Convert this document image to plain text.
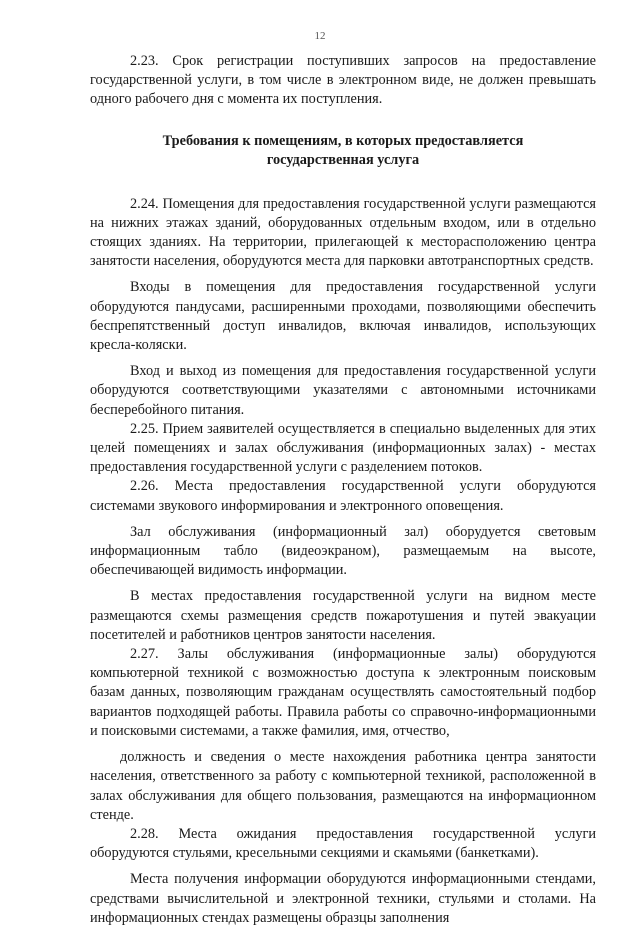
12

2.23. Срок регистрации поступивших запросов на предоставление государственной услуги, в том числе в электронном виде, не должен превышать одного рабочего дня с момента их поступления.

Требования к помещениям, в которых предоставляется
государственная услуга

2.24. Помещения для предоставления государственной услуги размещаются на нижних этажах зданий, оборудованных отдельным входом, или в отдельно стоящих зданиях. На территории, прилегающей к месторасположению центра занятости населения, оборудуются места для парковки автотранспортных средств.

Входы в помещения для предоставления государственной услуги оборудуются пандусами, расширенными проходами, позволяющими обеспечить беспрепятственный доступ инвалидов, включая инвалидов, использующих кресла-коляски.

Вход и выход из помещения для предоставления государственной услуги оборудуются соответствующими указателями с автономными источниками бесперебойного питания.

2.25. Прием заявителей осуществляется в специально выделенных для этих целей помещениях и залах обслуживания (информационных залах) - местах предоставления государственной услуги с разделением потоков.

2.26. Места предоставления государственной услуги оборудуются системами звукового информирования и электронного оповещения.

Зал обслуживания (информационный зал) оборудуется световым информационным табло (видеоэкраном), размещаемым на высоте, обеспечивающей видимость информации.

В местах предоставления государственной услуги на видном месте размещаются схемы размещения средств пожаротушения и путей эвакуации посетителей и работников центров занятости населения.

2.27. Залы обслуживания (информационные залы) оборудуются компьютерной техникой с возможностью доступа к электронным поисковым базам данных, позволяющим гражданам осуществлять самостоятельный подбор вариантов подходящей работы. Правила работы со справочно-информационными и поисковыми системами, а также фамилия, имя, отчество,

должность и сведения о месте нахождения работника центра занятости населения, ответственного за работу с компьютерной техникой, расположенной в залах обслуживания для общего пользования, размещаются на информационном стенде.

2.28. Места ожидания предоставления государственной услуги оборудуются стульями, кресельными секциями и скамьями (банкетками).

Места получения информации оборудуются информационными стендами, средствами вычислительной и электронной техники, стульями и столами. На информационных стендах размещены образцы заполнения
